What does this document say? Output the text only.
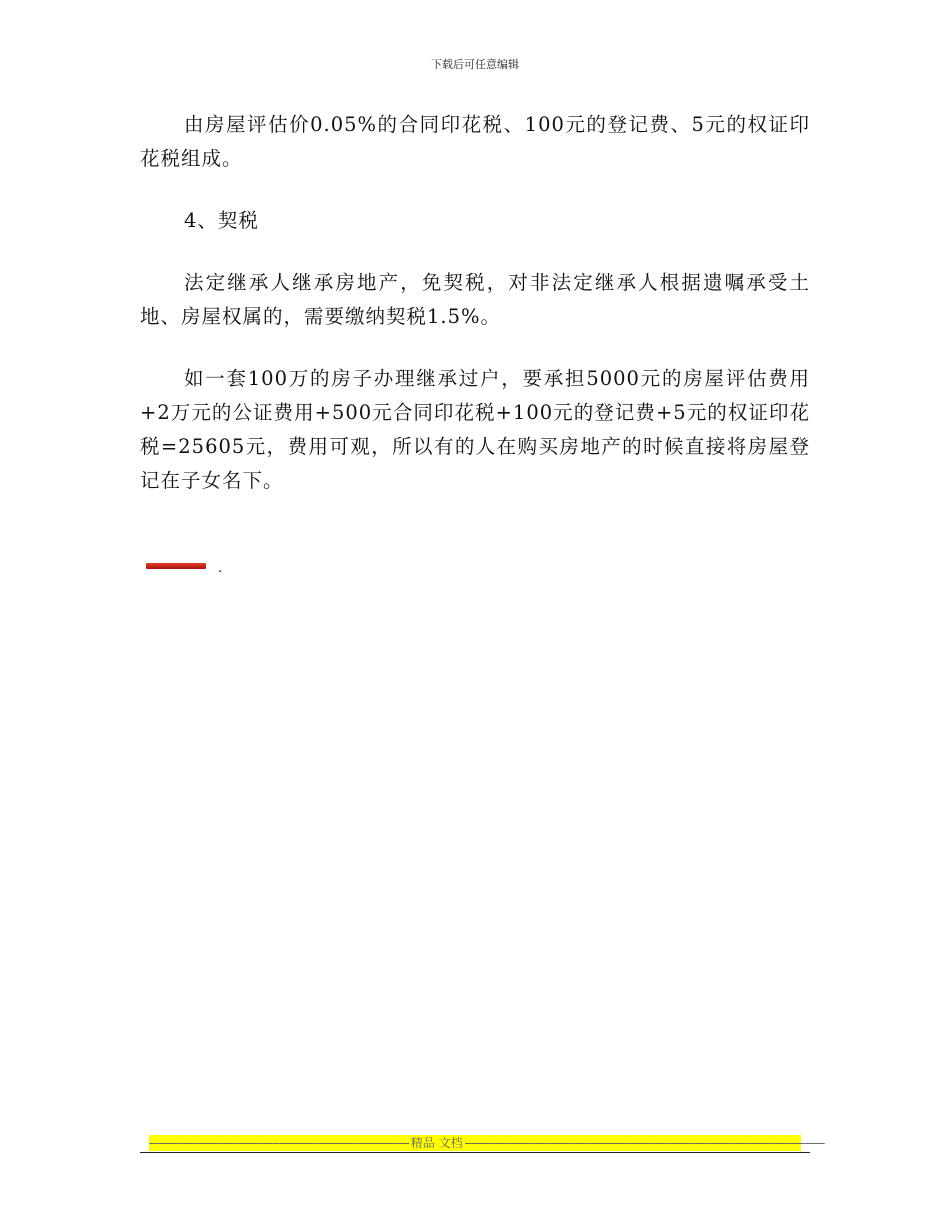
下载后可任意编辑

由房屋评估价0.05%的合同印花税、100元的登记费、5元的权证印花税组成。

4、契税

法定继承人继承房地产，免契税，对非法定继承人根据遗嘱承受土地、房屋权属的，需要缴纳契税1.5%。

如一套100万的房子办理继承过户，要承担5000元的房屋评估费用+2万元的公证费用+500元合同印花税+100元的登记费+5元的权证印花税=25605元，费用可观，所以有的人在购买房地产的时候直接将房屋登记在子女名下。

.
------------------------------------------------------------------------------ 精品 文档 ------------------------------------------------------------------------------------------------------------
